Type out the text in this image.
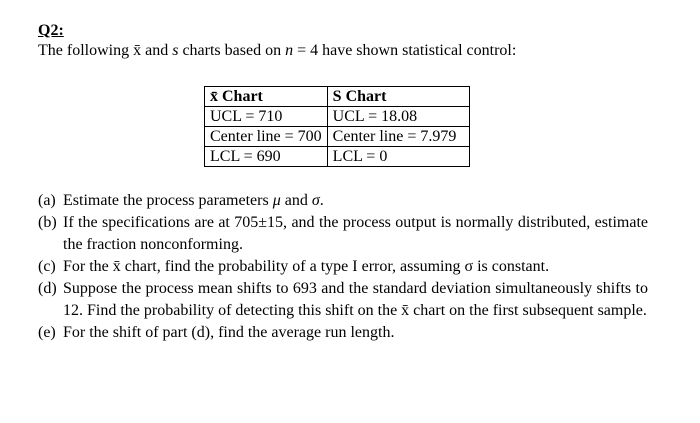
Q2:
The following x̄ and s charts based on n = 4 have shown statistical control:
x̄ Chart	S Chart
UCL = 710	UCL = 18.08
Center line = 700	Center line = 7.979
LCL = 690	LCL = 0

(a) Estimate the process parameters μ and σ.

(b) If the specifications are at 705±15, and the process output is normally distributed, estimate the fraction nonconforming.

(c) For the x̄ chart, find the probability of a type I error, assuming σ is constant.

(d) Suppose the process mean shifts to 693 and the standard deviation simultaneously shifts to 12. Find the probability of detecting this shift on the x̄ chart on the first subsequent sample.

(e) For the shift of part (d), find the average run length.
